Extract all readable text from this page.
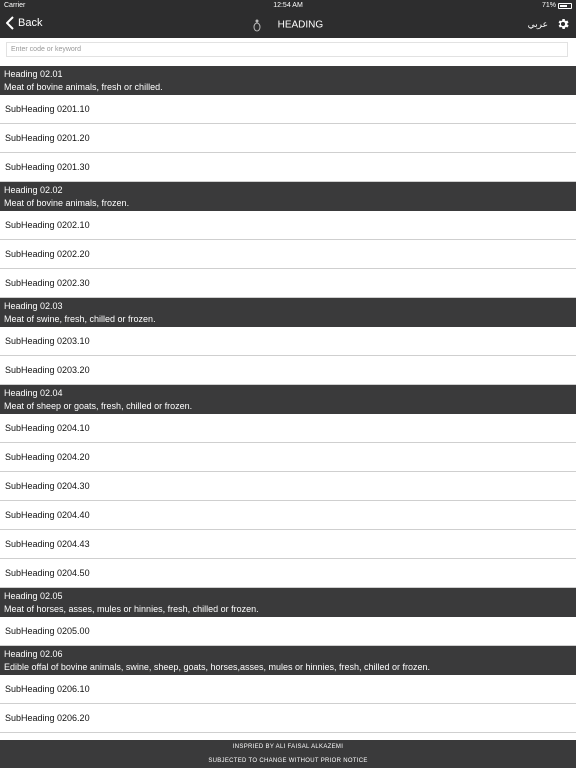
Carrier	12:54 AM	71%
Back	HEADING	عربي
Enter code or keyword
Heading 02.01
Meat of bovine animals, fresh or chilled.
SubHeading 0201.10
SubHeading 0201.20
SubHeading 0201.30
Heading 02.02
Meat of bovine animals, frozen.
SubHeading 0202.10
SubHeading 0202.20
SubHeading 0202.30
Heading 02.03
Meat of swine, fresh, chilled or frozen.
SubHeading 0203.10
SubHeading 0203.20
Heading 02.04
Meat of sheep or goats, fresh, chilled or frozen.
SubHeading 0204.10
SubHeading 0204.20
SubHeading 0204.30
SubHeading 0204.40
SubHeading 0204.43
SubHeading 0204.50
Heading 02.05
Meat of horses, asses, mules or hinnies, fresh, chilled or frozen.
SubHeading 0205.00
Heading 02.06
Edible offal of bovine animals, swine, sheep, goats, horses,asses, mules or hinnies, fresh, chilled or frozen.
SubHeading 0206.10
SubHeading 0206.20
INSPRIED BY ALI FAISAL ALKAZEMI
SUBJECTED TO CHANGE WITHOUT PRIOR NOTICE
